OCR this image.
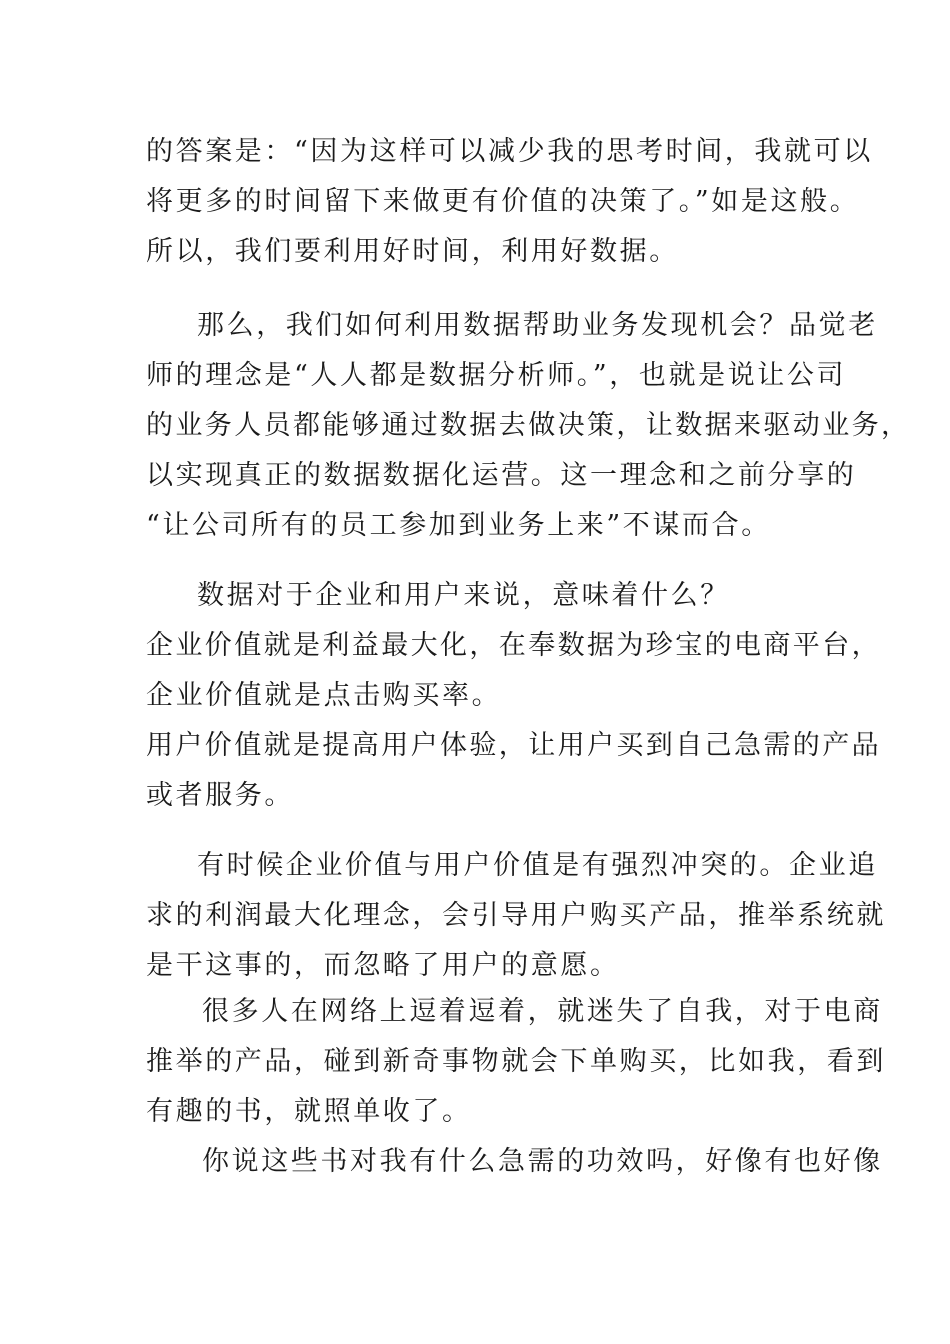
的答案是：“因为这样可以减少我的思考时间，我就可以

将更多的时间留下来做更有价值的决策了。”如是这般。

所以，我们要利用好时间，利用好数据。

那么，我们如何利用数据帮助业务发现机会？品觉老

师的理念是“人人都是数据分析师。”，也就是说让公司

的业务人员都能够通过数据去做决策，让数据来驱动业务，

以实现真正的数据数据化运营。这一理念和之前分享的

“让公司所有的员工参加到业务上来”不谋而合。

数据对于企业和用户来说，意味着什么？

企业价值就是利益最大化，在奉数据为珍宝的电商平台，

企业价值就是点击购买率。

用户价值就是提高用户体验，让用户买到自己急需的产品

或者服务。

有时候企业价值与用户价值是有强烈冲突的。企业追

求的利润最大化理念，会引导用户购买产品，推举系统就

是干这事的，而忽略了用户的意愿。

很多人在网络上逗着逗着，就迷失了自我，对于电商

推举的产品，碰到新奇事物就会下单购买，比如我，看到

有趣的书，就照单收了。

你说这些书对我有什么急需的功效吗，好像有也好像
